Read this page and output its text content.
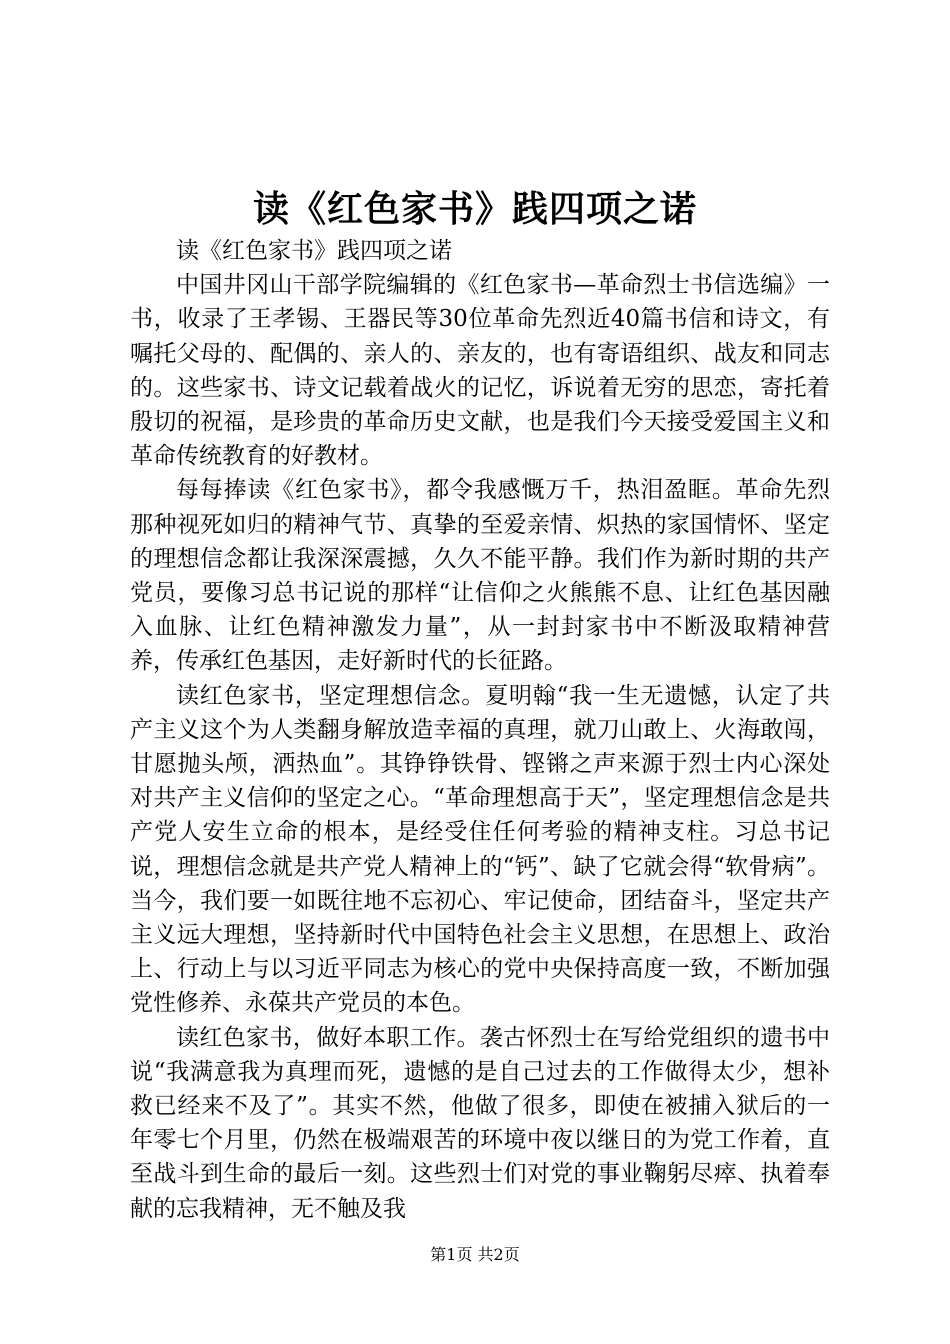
读《红色家书》践四项之诺

读《红色家书》践四项之诺

中国井冈山干部学院编辑的《红色家书—革命烈士书信选编》一书，收录了王孝锡、王器民等30位革命先烈近40篇书信和诗文，有嘱托父母的、配偶的、亲人的、亲友的，也有寄语组织、战友和同志的。这些家书、诗文记载着战火的记忆，诉说着无穷的思恋，寄托着殷切的祝福，是珍贵的革命历史文献，也是我们今天接受爱国主义和革命传统教育的好教材。

每每捧读《红色家书》，都令我感慨万千，热泪盈眶。革命先烈那种视死如归的精神气节、真挚的至爱亲情、炽热的家国情怀、坚定的理想信念都让我深深震撼，久久不能平静。我们作为新时期的共产党员，要像习总书记说的那样“让信仰之火熊熊不息、让红色基因融入血脉、让红色精神激发力量”，从一封封家书中不断汲取精神营养，传承红色基因，走好新时代的长征路。

读红色家书，坚定理想信念。夏明翰“我一生无遗憾，认定了共产主义这个为人类翻身解放造幸福的真理，就刀山敢上、火海敢闯，甘愿抛头颅，洒热血”。其铮铮铁骨、铿锵之声来源于烈士内心深处对共产主义信仰的坚定之心。“革命理想高于天”，坚定理想信念是共产党人安生立命的根本，是经受住任何考验的精神支柱。习总书记说，理想信念就是共产党人精神上的“钙”、缺了它就会得“软骨病”。当今，我们要一如既往地不忘初心、牢记使命，团结奋斗，坚定共产主义远大理想，坚持新时代中国特色社会主义思想，在思想上、政治上、行动上与以习近平同志为核心的党中央保持高度一致，不断加强党性修养、永葆共产党员的本色。

读红色家书，做好本职工作。袭古怀烈士在写给党组织的遗书中说“我满意我为真理而死，遗憾的是自己过去的工作做得太少，想补救已经来不及了”。其实不然，他做了很多，即使在被捕入狱后的一年零七个月里，仍然在极端艰苦的环境中夜以继日的为党工作着，直至战斗到生命的最后一刻。这些烈士们对党的事业鞠躬尽瘁、执着奉献的忘我精神，无不触及我

第1页 共2页
